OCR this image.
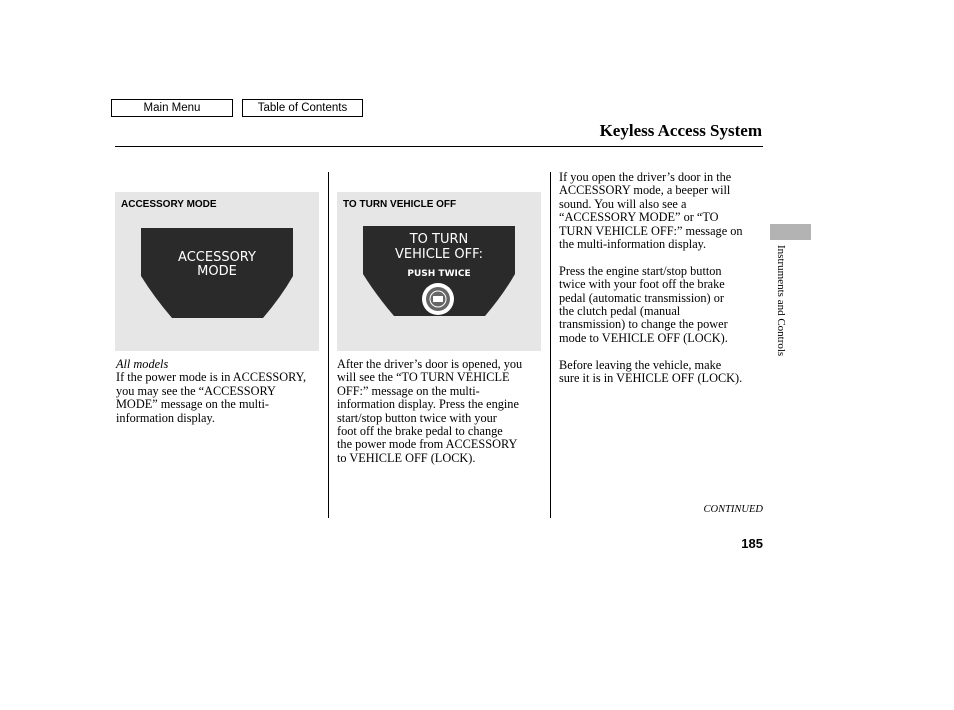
Main Menu	Table of Contents
Keyless Access System
ACCESSORY
MODE
ACCESSORY MODE
TO TURN
VEHICLE OFF:
PUSH TWICE
TO TURN VEHICLE OFF
All models
If the power mode is in ACCESSORY,
you may see the “ACCESSORY
MODE” message on the multi-
information display.
After the driver’s door is opened, you
will see the “TO TURN VEHICLE
OFF:” message on the multi-
information display. Press the engine
start/stop button twice with your
foot off the brake pedal to change
the power mode from ACCESSORY
to VEHICLE OFF (LOCK).
If you open the driver’s door in the
ACCESSORY mode, a beeper will
sound. You will also see a
“ACCESSORY MODE” or “TO
TURN VEHICLE OFF:” message on
the multi-information display.
Press the engine start/stop button
twice with your foot off the brake
pedal (automatic transmission) or
the clutch pedal (manual
transmission) to change the power
mode to VEHICLE OFF (LOCK).
Before leaving the vehicle, make
sure it is in VEHICLE OFF (LOCK).
Instruments and Controls
CONTINUED
185
